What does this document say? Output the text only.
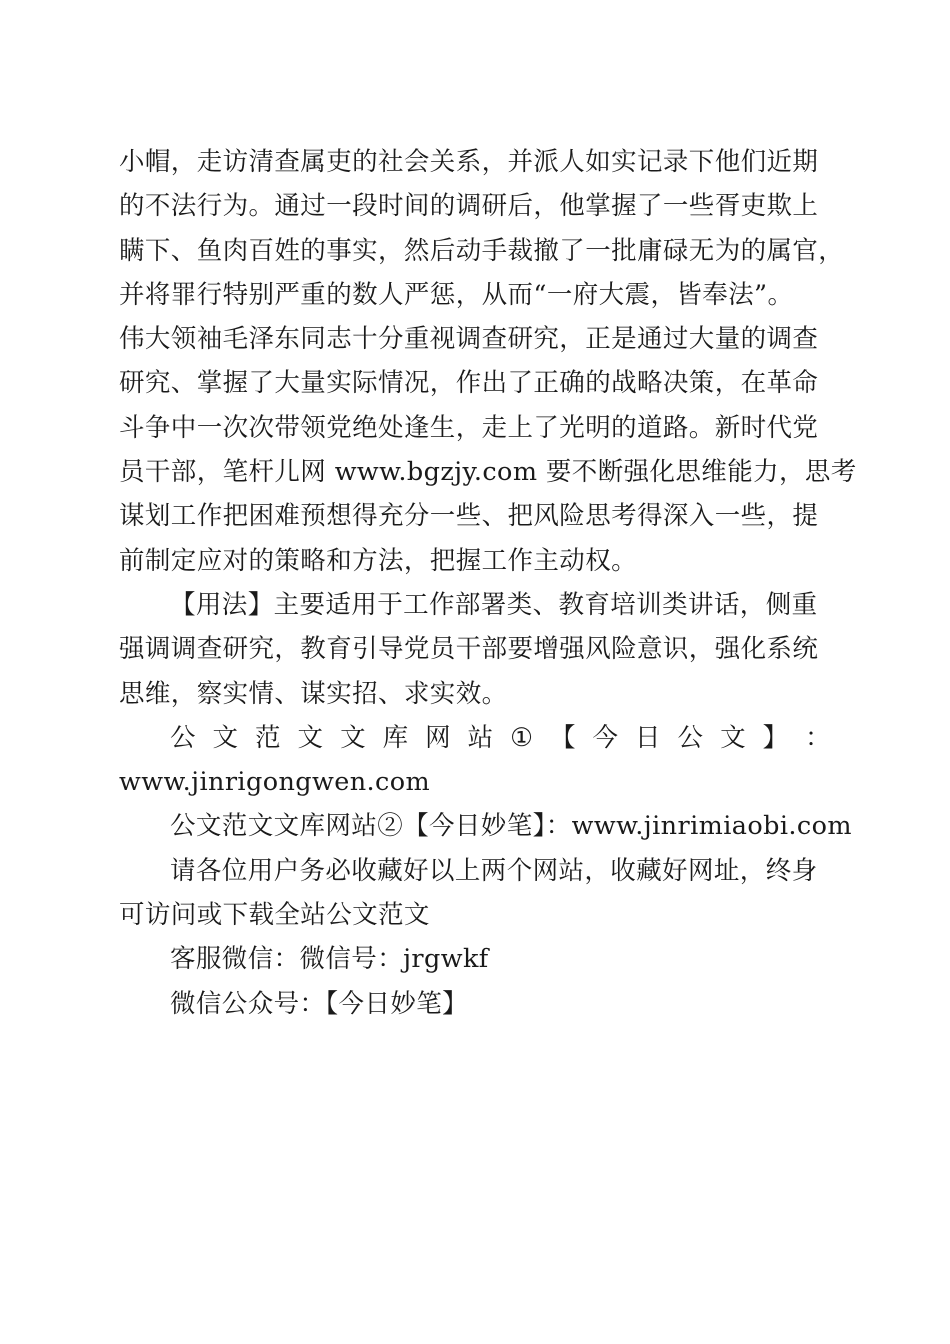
小帽，走访清查属吏的社会关系，并派人如实记录下他们近期
的不法行为。通过一段时间的调研后，他掌握了一些胥吏欺上
瞒下、鱼肉百姓的事实，然后动手裁撤了一批庸碌无为的属官，
并将罪行特别严重的数人严惩，从而“一府大震，皆奉法”。
伟大领袖毛泽东同志十分重视调查研究，正是通过大量的调查
研究、掌握了大量实际情况，作出了正确的战略决策，在革命
斗争中一次次带领党绝处逢生，走上了光明的道路。新时代党
员干部，笔杆儿网 www.bgzjy.com 要不断强化思维能力，思考
谋划工作把困难预想得充分一些、把风险思考得深入一些，提
前制定应对的策略和方法，把握工作主动权。

【用法】主要适用于工作部署类、教育培训类讲话，侧重
强调调查研究，教育引导党员干部要增强风险意识，强化系统
思维，察实情、谋实招、求实效。

公 文 范 文 文 库 网 站 ① 【 今 日 公 文 】 ：
www.jinrigongwen.com

公文范文文库网站②【今日妙笔】：www.jinrimiaobi.com

请各位用户务必收藏好以上两个网站，收藏好网址，终身
可访问或下载全站公文范文

客服微信：微信号：jrgwkf

微信公众号：【今日妙笔】
